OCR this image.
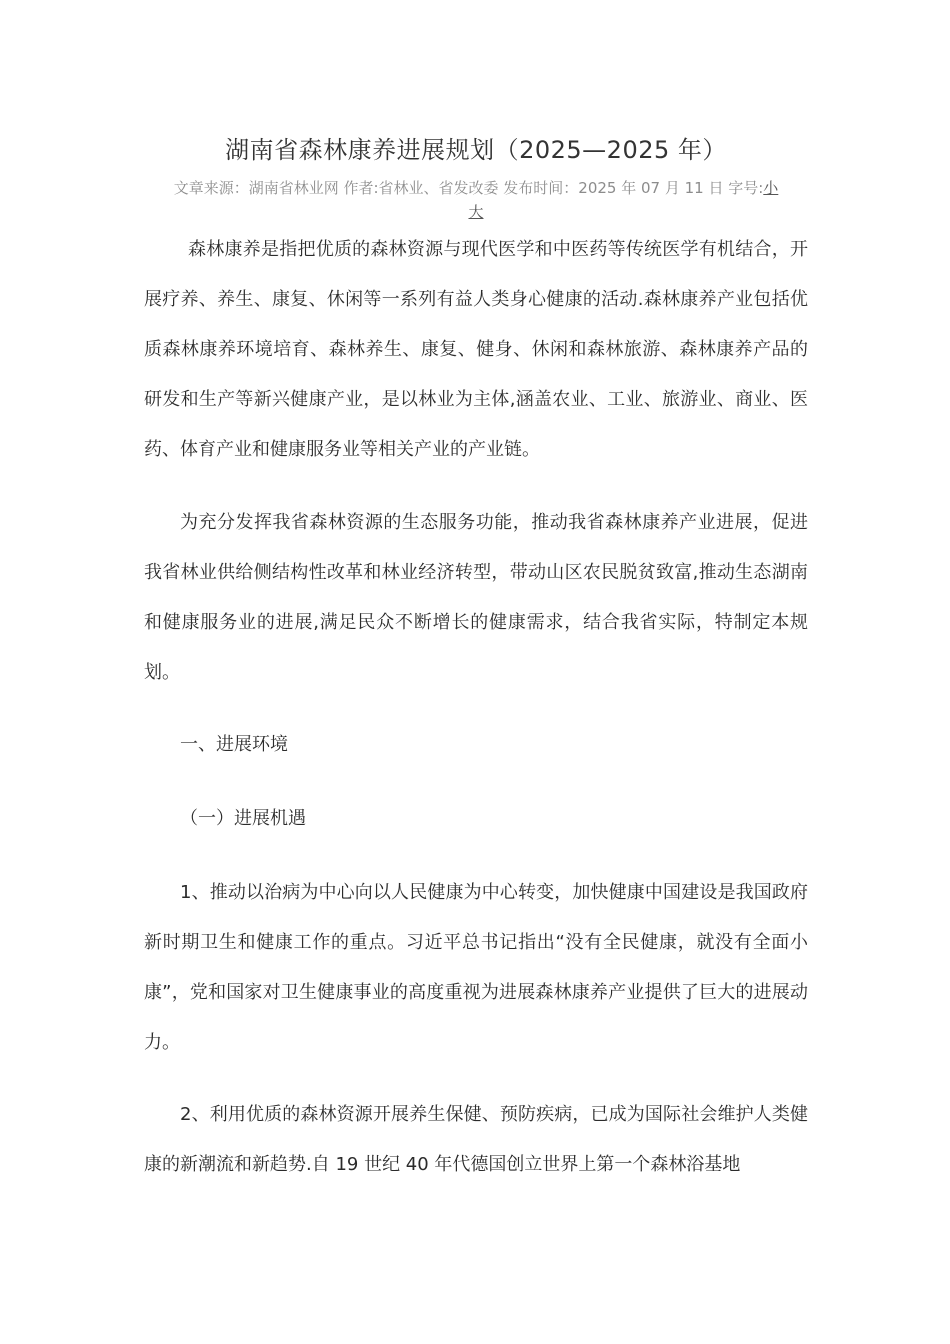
湖南省森林康养进展规划（2025—2025 年）
文章来源：湖南省林业网 作者:省林业、省发改委 发布时间：2025 年 07 月 11 日 字号:小
大
森林康养是指把优质的森林资源与现代医学和中医药等传统医学有机结合，开展疗养、养生、康复、休闲等一系列有益人类身心健康的活动.森林康养产业包括优质森林康养环境培育、森林养生、康复、健身、休闲和森林旅游、森林康养产品的研发和生产等新兴健康产业，是以林业为主体,涵盖农业、工业、旅游业、商业、医药、体育产业和健康服务业等相关产业的产业链。
为充分发挥我省森林资源的生态服务功能，推动我省森林康养产业进展，促进我省林业供给侧结构性改革和林业经济转型，带动山区农民脱贫致富,推动生态湖南和健康服务业的进展,满足民众不断增长的健康需求，结合我省实际，特制定本规划。
一、进展环境
（一）进展机遇
1、推动以治病为中心向以人民健康为中心转变，加快健康中国建设是我国政府新时期卫生和健康工作的重点。习近平总书记指出“没有全民健康，就没有全面小康”，党和国家对卫生健康事业的高度重视为进展森林康养产业提供了巨大的进展动力。
2、利用优质的森林资源开展养生保健、预防疾病，已成为国际社会维护人类健康的新潮流和新趋势.自 19 世纪 40 年代德国创立世界上第一个森林浴基地
